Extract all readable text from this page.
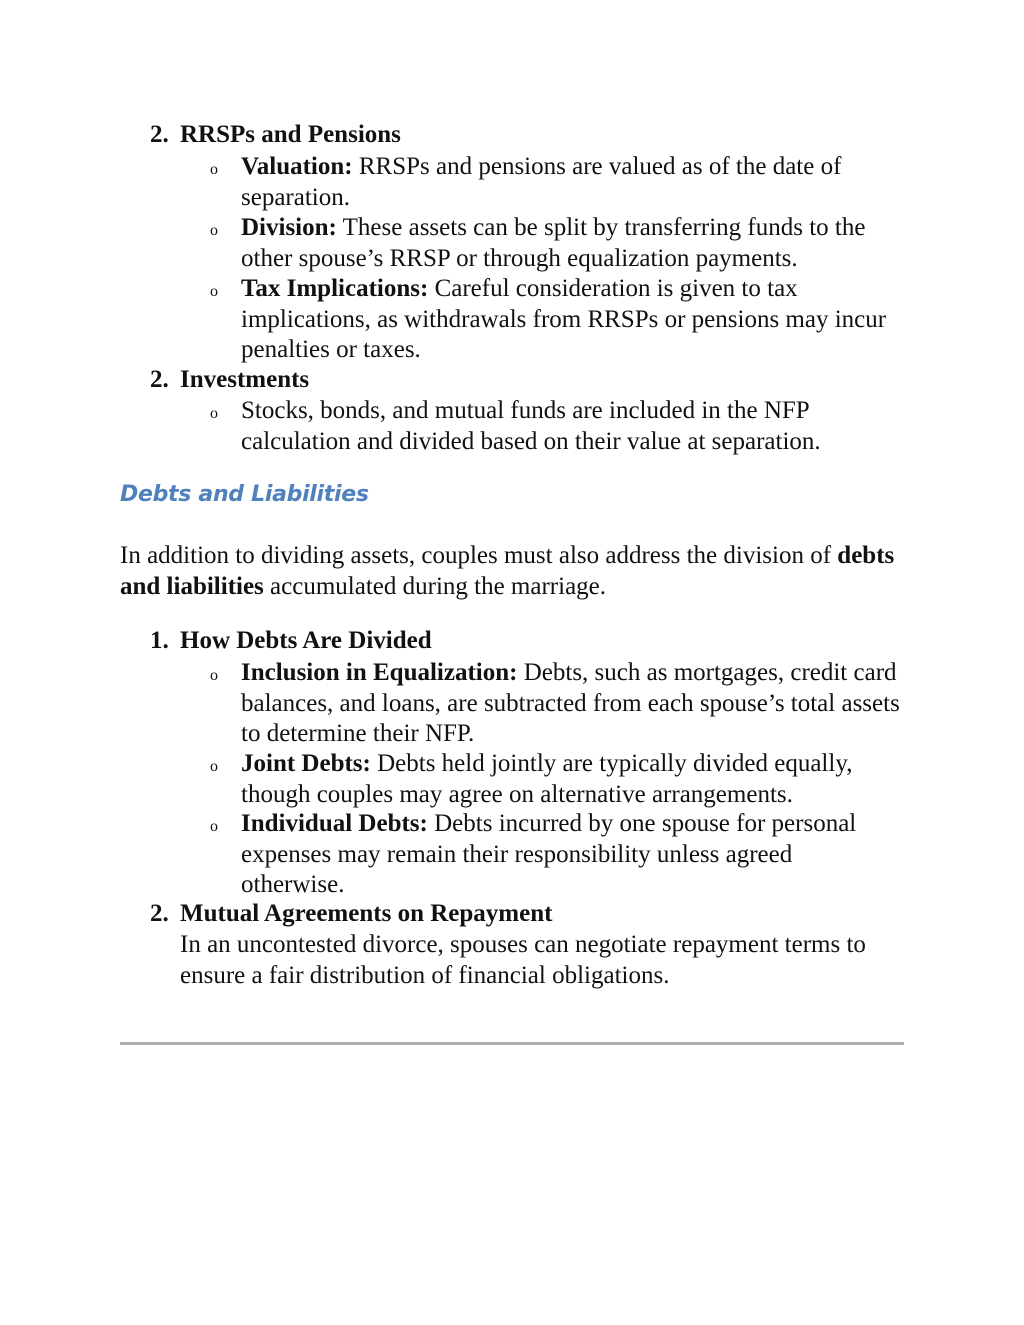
2. RRSPs and Pensions
o Valuation: RRSPs and pensions are valued as of the date of separation.
o Division: These assets can be split by transferring funds to the other spouse’s RRSP or through equalization payments.
o Tax Implications: Careful consideration is given to tax implications, as withdrawals from RRSPs or pensions may incur penalties or taxes.
2. Investments
o Stocks, bonds, and mutual funds are included in the NFP calculation and divided based on their value at separation.
Debts and Liabilities
In addition to dividing assets, couples must also address the division of debts and liabilities accumulated during the marriage.
1. How Debts Are Divided
o Inclusion in Equalization: Debts, such as mortgages, credit card balances, and loans, are subtracted from each spouse’s total assets to determine their NFP.
o Joint Debts: Debts held jointly are typically divided equally, though couples may agree on alternative arrangements.
o Individual Debts: Debts incurred by one spouse for personal expenses may remain their responsibility unless agreed otherwise.
2. Mutual Agreements on Repayment
In an uncontested divorce, spouses can negotiate repayment terms to ensure a fair distribution of financial obligations.
